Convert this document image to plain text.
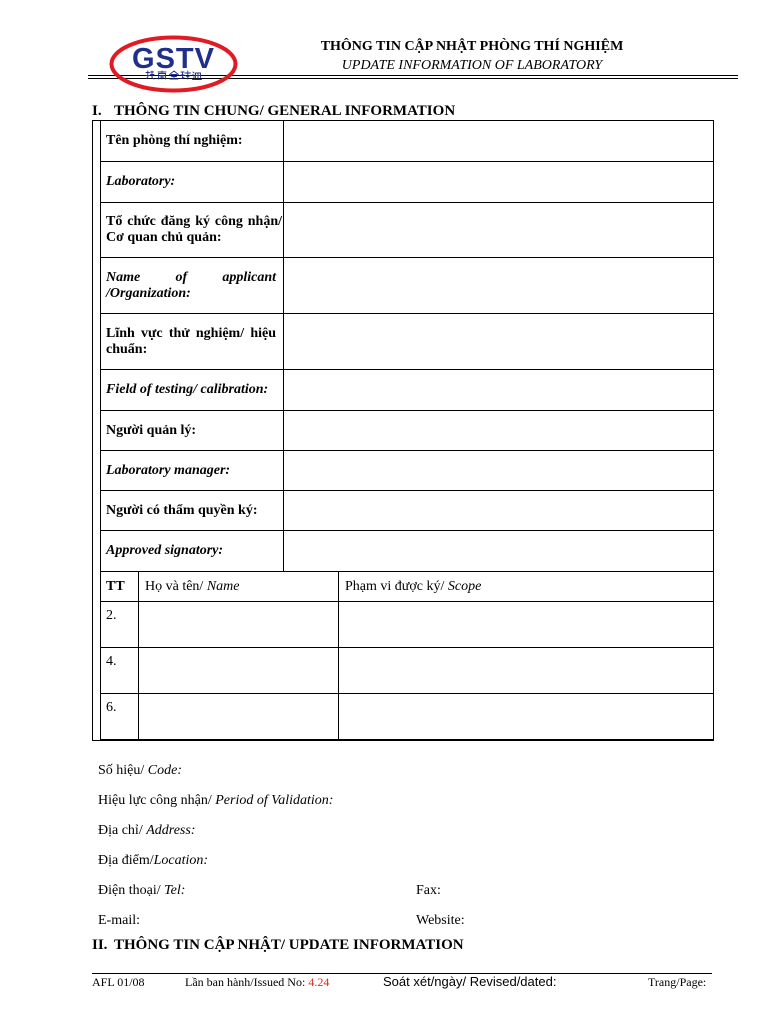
GSTV	THÔNG TIN CẬP NHẬT PHÒNG THÍ NGHIỆM
UPDATE INFORMATION OF LABORATORY
I. THÔNG TIN CHUNG/ GENERAL INFORMATION
Tên phòng thí nghiệm:
Laboratory:
Tổ chức đăng ký công nhận/
Cơ quan chủ quản:
Name of applicant
/Organization:
Lĩnh vực thử nghiệm/ hiệu
chuẩn:
Field of testing/ calibration:
Người quản lý:
Laboratory manager:
Người có thẩm quyền ký:
Approved signatory:
TT Họ và tên/ Name	Phạm vi được ký/ Scope
2.
4.
6.
Số hiệu/ Code:
Hiệu lực công nhận/ Period of Validation:
Địa chỉ/ Address:
Địa điểm/Location:
Điện thoại/ Tel:	Fax:
E-mail:	Website:
II. THÔNG TIN CẬP NHẬT/ UPDATE INFORMATION
AFL 01/08	Lần ban hành/Issued No: 4.24	Soát xét/ngày/ Revised/dated:	Trang/Page:
